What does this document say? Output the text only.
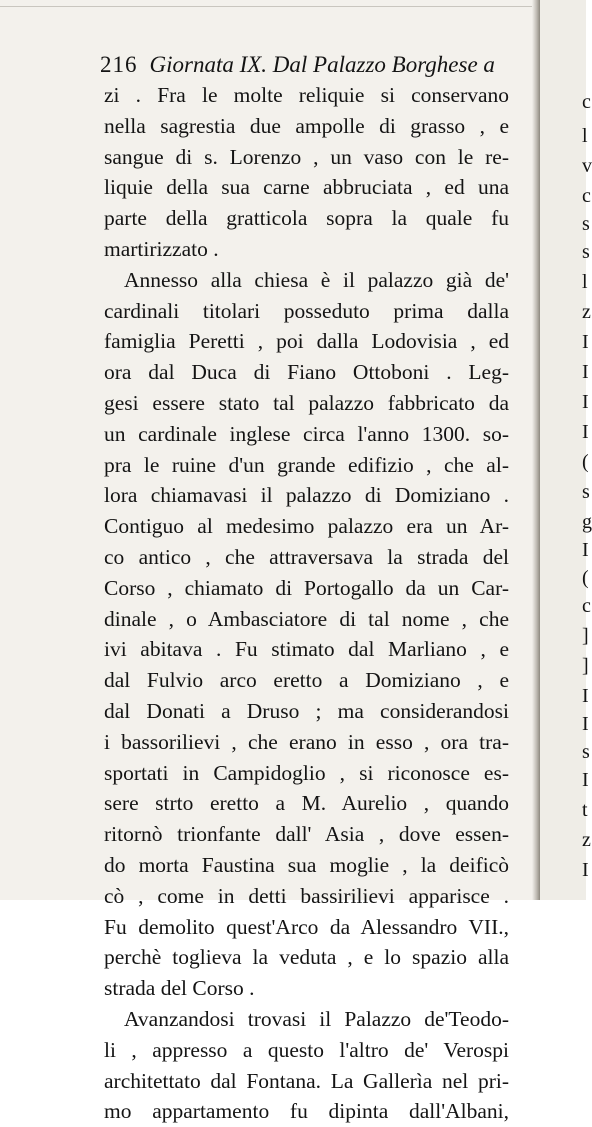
216 Giornata IX. Dal Palazzo Borghese a
zi . Fra le molte reliquie si conservano
nella sagrestia due ampolle di grasso , e
sangue di s. Lorenzo , un vaso con le re-
liquie della sua carne abbruciata , ed una
parte della gratticola sopra la quale fu
martirizzato .
Annesso alla chiesa è il palazzo già de'
cardinali titolari posseduto prima dalla
famiglia Peretti , poi dalla Lodovisia , ed
ora dal Duca di Fiano Ottoboni . Leg-
gesi essere stato tal palazzo fabbricato da
un cardinale inglese circa l'anno 1300. so-
pra le ruine d'un grande edifizio , che al-
lora chiamavasi il palazzo di Domiziano .
Contiguo al medesimo palazzo era un Ar-
co antico , che attraversava la strada del
Corso , chiamato di Portogallo da un Car-
dinale , o Ambasciatore di tal nome , che
ivi abitava . Fu stimato dal Marliano , e
dal Fulvio arco eretto a Domiziano , e
dal Donati a Druso ; ma considerandosi
i bassorilievi , che erano in esso , ora tra-
sportati in Campidoglio , si riconosce es-
sere strto eretto a M. Aurelio , quando
ritornò trionfante dall' Asia , dove essen-
do morta Faustina sua moglie , la deificò
cò , come in detti bassirilievi apparisce .
Fu demolito quest'Arco da Alessandro VII.,
perchè toglieva la veduta , e lo spazio alla
strada del Corso .
Avanzandosi trovasi il Palazzo de'Teodo-
li , appresso a questo l'altro de' Verospi
architettato dal Fontana. La Gallerìa nel pri-
mo appartamento fu dipinta dall'Albani,
c
l
v
c
s
s
l
z
I
I
I
I
(
s
g
I
(
c
]
]
I
I
s
I
t
z
I
